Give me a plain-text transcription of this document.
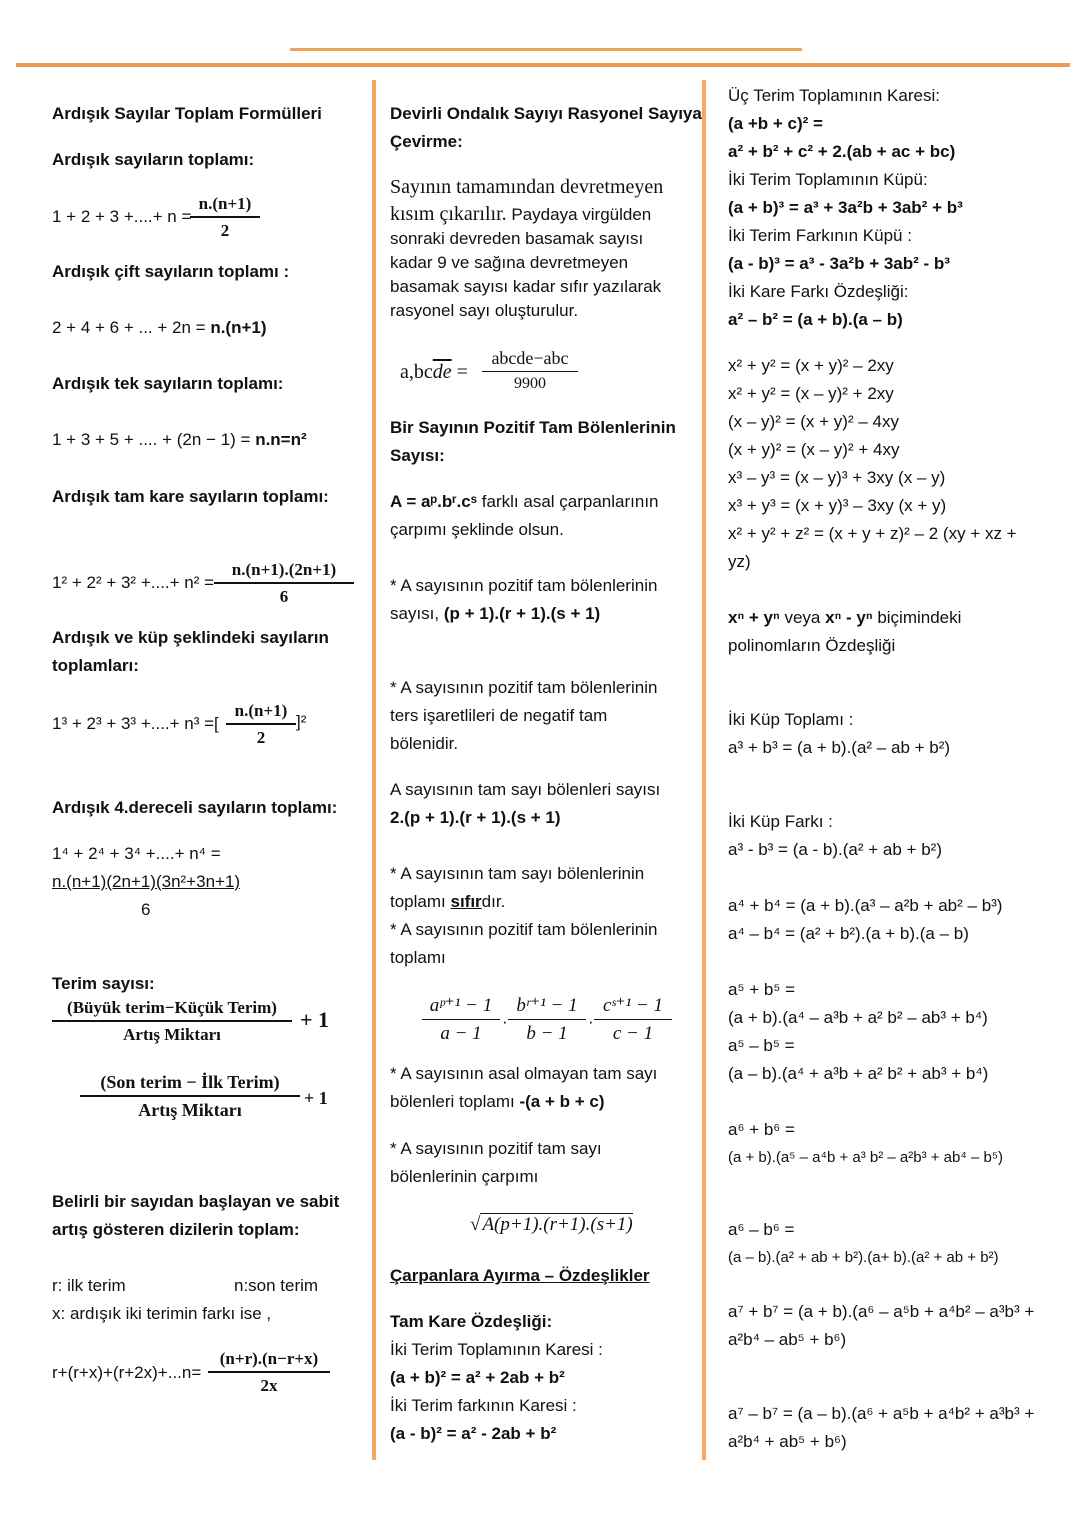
Ardışık Sayılar Toplam Formülleri
Ardışık sayıların toplamı:
1 + 2 + 3 +....+ n =
$\frac{n.(n+1)}{2}$
Ardışık çift sayıların toplamı :
2 + 4 + 6 + ... + 2n = n.(n+1)
Ardışık tek sayıların toplamı:
1 + 3 + 5 + .... + (2n − 1) = n.n=n²
Ardışık tam kare sayıların toplamı:
1² + 2² + 3² +....+ $n^2 = \frac{n.(n+1).(2n+1)}{6}$
Ardışık ve küp şeklindeki sayıların
toplamları:
1³ + 2³ + 3³ +....+ n³ =[ $\frac{n.(n+1)}{2} ]^2$
Ardışık 4.dereceli sayıların toplamı:
1⁴ + 2⁴ + 3⁴ +....+ n⁴ =
n.(n+1)(2n+1)(3n²+3n+1)
6
Terim sayısı:
(Büyük terim−Küçük Terim)
Artış Miktarı
+ 1
(Son terim − İlk Terim)
Artış Miktarı
+ 1
Belirli bir sayıdan başlayan ve sabit
artış gösteren dizilerin toplam:
r: ilk terim	n:son terim
x: ardışık iki terimin farkı ise ,
$r+(r+x)+(r+2x)+...n= \frac{(n+r).(n-r+x)}{2x}$
Devirli Ondalık Sayıyı Rasyonel Sayıya
Çevirme:
Sayının tamamından devretmeyen
kısım çıkarılır. Paydaya virgülden
sonraki devreden basamak sayısı
kadar 9 ve sağına devretmeyen
basamak sayısı kadar sıfır yazılarak
rasyonel sayı oluşturulur.
$a,bc\overline{de}$ =
abcde−abc
9900
Bir Sayının Pozitif Tam Bölenlerinin
Sayısı:
A = aᵖ.bʳ.cˢ farklı asal çarpanlarının
çarpımı şeklinde olsun.
* A sayısının pozitif tam bölenlerinin
sayısı, (p + 1).(r + 1).(s + 1)
* A sayısının pozitif tam bölenlerinin
ters işaretlileri de negatif tam
bölenidir.
A sayısının tam sayı bölenleri sayısı
2.(p + 1).(r + 1).(s + 1)
* A sayısının tam sayı bölenlerinin
toplamı sıfırdır.
* A sayısının pozitif tam bölenlerinin
toplamı
$\frac{\text{aᵖ⁺¹ − 1}}{a - 1} \cdot \frac{\text{bʳ⁺¹ − 1}}{b - 1} \cdot \frac{\text{cˢ⁺¹ − 1}}{c - 1}$
* A sayısının asal olmayan tam sayı
bölenleri toplamı -(a + b + c)
* A sayısının pozitif tam sayı
bölenlerinin çarpımı
√ A(p+1).(r+1).(s+1)
Çarpanlara Ayırma – Özdeşlikler
Tam Kare Özdeşliği:
İki Terim Toplamının Karesi :
(a + b)² = a² + 2ab + b²
İki Terim farkının Karesi :
(a - b)² = a² - 2ab + b²
Üç Terim Toplamının Karesi:
(a +b + c)² =
a² + b² + c² + 2.(ab + ac + bc)
İki Terim Toplamının Küpü:
(a + b)³ = a³ + 3a²b + 3ab² + b³
İki Terim Farkının Küpü :
(a - b)³ = a³ - 3a²b + 3ab² - b³
İki Kare Farkı Özdeşliği:
a² – b² = (a + b).(a – b)
x² + y² = (x + y)² – 2xy
x² + y² = (x – y)² + 2xy
(x – y)² = (x + y)² – 4xy
(x + y)² = (x – y)² + 4xy
x³ – y³ = (x – y)³ + 3xy (x – y)
x³ + y³ = (x + y)³ – 3xy (x + y)
x² + y² + z² = (x + y + z)² – 2 (xy + xz +
yz)
xⁿ + yⁿ veya xⁿ - yⁿ biçimindeki
polinomların Özdeşliği
İki Küp Toplamı :
a³ + b³ = (a + b).(a² – ab + b²)
İki Küp Farkı :
a³ - b³ = (a - b).(a² + ab + b²)
a⁴ + b⁴ = (a + b).(a³ – a²b + ab² – b³)
a⁴ – b⁴ = (a² + b²).(a + b).(a – b)
a⁵ + b⁵ =
(a + b).(a⁴ – a³b + a² b² – ab³ + b⁴)
a⁵ – b⁵ =
(a – b).(a⁴ + a³b + a² b² + ab³ + b⁴)
a⁶ + b⁶ =
(a + b).(a⁵ – a⁴b + a³ b² – a²b³ + ab⁴ – b⁵)
a⁶ – b⁶ =
(a – b).(a² + ab + b²).(a+ b).(a² + ab + b²)
a⁷ + b⁷ = (a + b).(a⁶ – a⁵b + a⁴b² – a³b³ +
a²b⁴ – ab⁵ + b⁶)
a⁷ – b⁷ = (a – b).(a⁶ + a⁵b + a⁴b² + a³b³ +
a²b⁴ + ab⁵ + b⁶)
